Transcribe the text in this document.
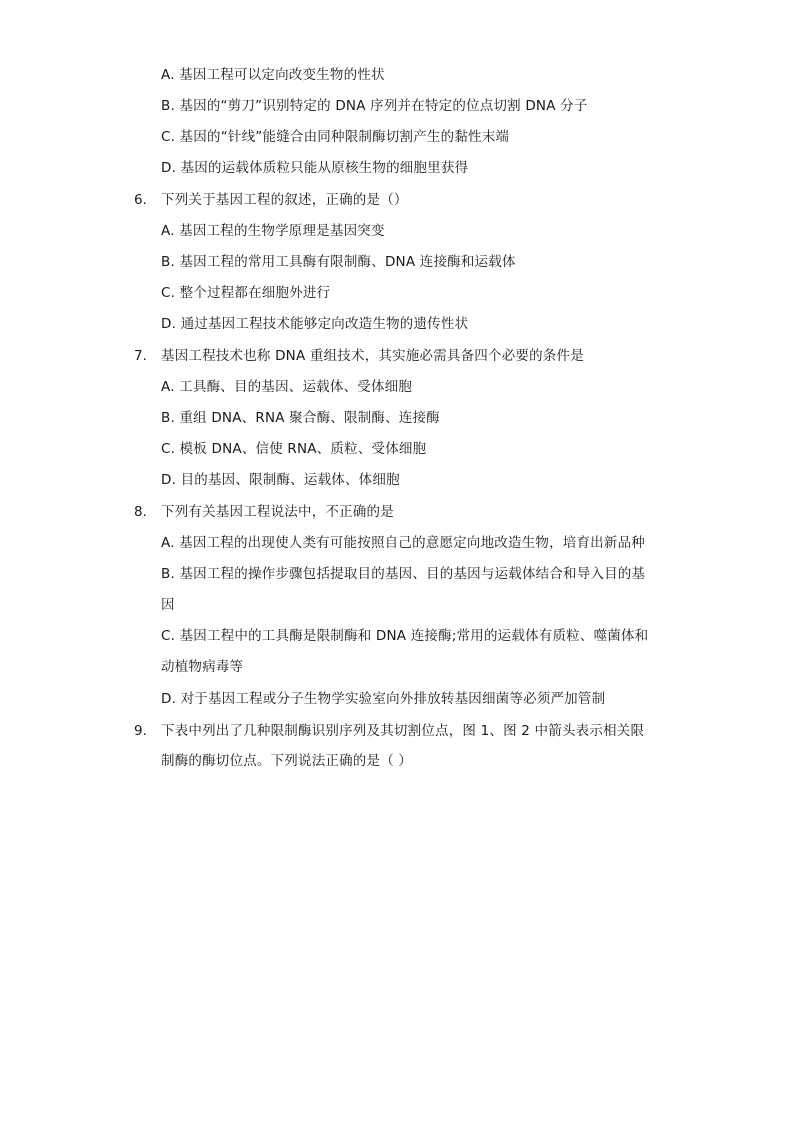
A. 基因工程可以定向改变生物的性状
B. 基因的“剪刀”识别特定的 DNA 序列并在特定的位点切割 DNA 分子
C. 基因的“针线”能缝合由同种限制酶切割产生的黏性末端
D. 基因的运载体质粒只能从原核生物的细胞里获得
6. 下列关于基因工程的叙述，正确的是（）
A. 基因工程的生物学原理是基因突变
B. 基因工程的常用工具酶有限制酶、DNA 连接酶和运载体
C. 整个过程都在细胞外进行
D. 通过基因工程技术能够定向改造生物的遗传性状
7. 基因工程技术也称 DNA 重组技术，其实施必需具备四个必要的条件是
A. 工具酶、目的基因、运载体、受体细胞
B. 重组 DNA、RNA 聚合酶、限制酶、连接酶
C. 模板 DNA、信使 RNA、质粒、受体细胞
D. 目的基因、限制酶、运载体、体细胞
8. 下列有关基因工程说法中，不正确的是
A. 基因工程的出现使人类有可能按照自己的意愿定向地改造生物，培育出新品种
B. 基因工程的操作步骤包括提取目的基因、目的基因与运载体结合和导入目的基
因
C. 基因工程中的工具酶是限制酶和 DNA 连接酶;常用的运载体有质粒、噬菌体和
动植物病毒等
D. 对于基因工程或分子生物学实验室向外排放转基因细菌等必须严加管制
9. 下表中列出了几种限制酶识别序列及其切割位点，图 1、图 2 中箭头表示相关限
制酶的酶切位点。下列说法正确的是（ ）
